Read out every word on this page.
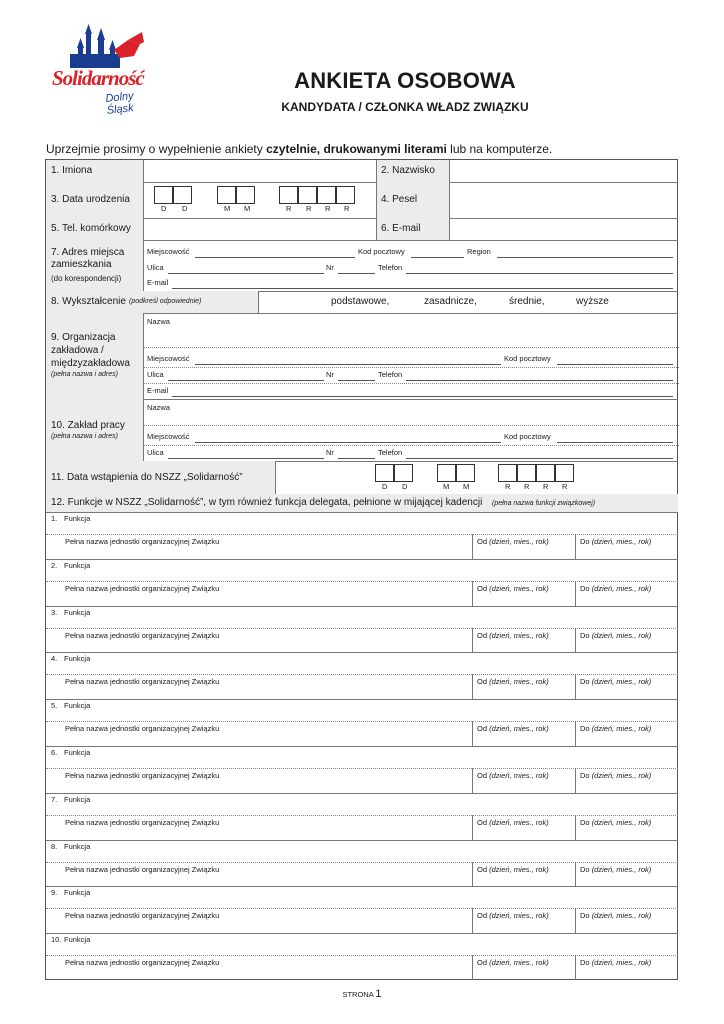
Solidarność
Dolny Śląsk
ANKIETA OSOBOWA
KANDYDATA / CZŁONKA WŁADZ ZWIĄZKU
Uprzejmie prosimy o wypełnienie ankiety czytelnie, drukowanymi literami lub na komputerze.
1. Imiona	2. Nazwisko
3. Data urodzenia
D D	M M	R R R R
4. Pesel
5. Tel. komórkowy	6. E-mail
7. Adres miejsca zamieszkania
(do korespondencji)
Miejscowość	Kod pocztowy	Region
Ulica	Nr	Telefon
E-mail
8. Wykształcenie (podkreśl odpowiednie)	podstawowe,	zasadnicze,	średnie,	wyższe
9. Organizacja
zakładowa /
międzyzakładowa
(pełna nazwa i adres)
Nazwa
Miejscowość	Kod pocztowy
Ulica	Nr	Telefon
E-mail
10. Zakład pracy
(pełna nazwa i adres)
Nazwa
Miejscowość	Kod pocztowy
Ulica	Nr	Telefon
11. Data wstąpienia do NSZZ „Solidarność”
D D	M M	R R R R
12. Funkcje w NSZZ „Solidarność”, w tym również funkcja delegata, pełnione w mijającej kadencji (pełna nazwa funkcji związkowej)
1. Funkcja
Pełna nazwa jednostki organizacyjnej Związku	Od (dzień, mies., rok)	Do (dzień, mies., rok)
2. Funkcja
Pełna nazwa jednostki organizacyjnej Związku	Od (dzień, mies., rok)	Do (dzień, mies., rok)
3. Funkcja
Pełna nazwa jednostki organizacyjnej Związku	Od (dzień, mies., rok)	Do (dzień, mies., rok)
4. Funkcja
Pełna nazwa jednostki organizacyjnej Związku	Od (dzień, mies., rok)	Do (dzień, mies., rok)
5. Funkcja
Pełna nazwa jednostki organizacyjnej Związku	Od (dzień, mies., rok)	Do (dzień, mies., rok)
6. Funkcja
Pełna nazwa jednostki organizacyjnej Związku	Od (dzień, mies., rok)	Do (dzień, mies., rok)
7. Funkcja
Pełna nazwa jednostki organizacyjnej Związku	Od (dzień, mies., rok)	Do (dzień, mies., rok)
8. Funkcja
Pełna nazwa jednostki organizacyjnej Związku	Od (dzień, mies., rok)	Do (dzień, mies., rok)
9. Funkcja
Pełna nazwa jednostki organizacyjnej Związku	Od (dzień, mies., rok)	Do (dzień, mies., rok)
10. Funkcja
Pełna nazwa jednostki organizacyjnej Związku	Od (dzień, mies., rok)	Do (dzień, mies., rok)
STRONA 1
